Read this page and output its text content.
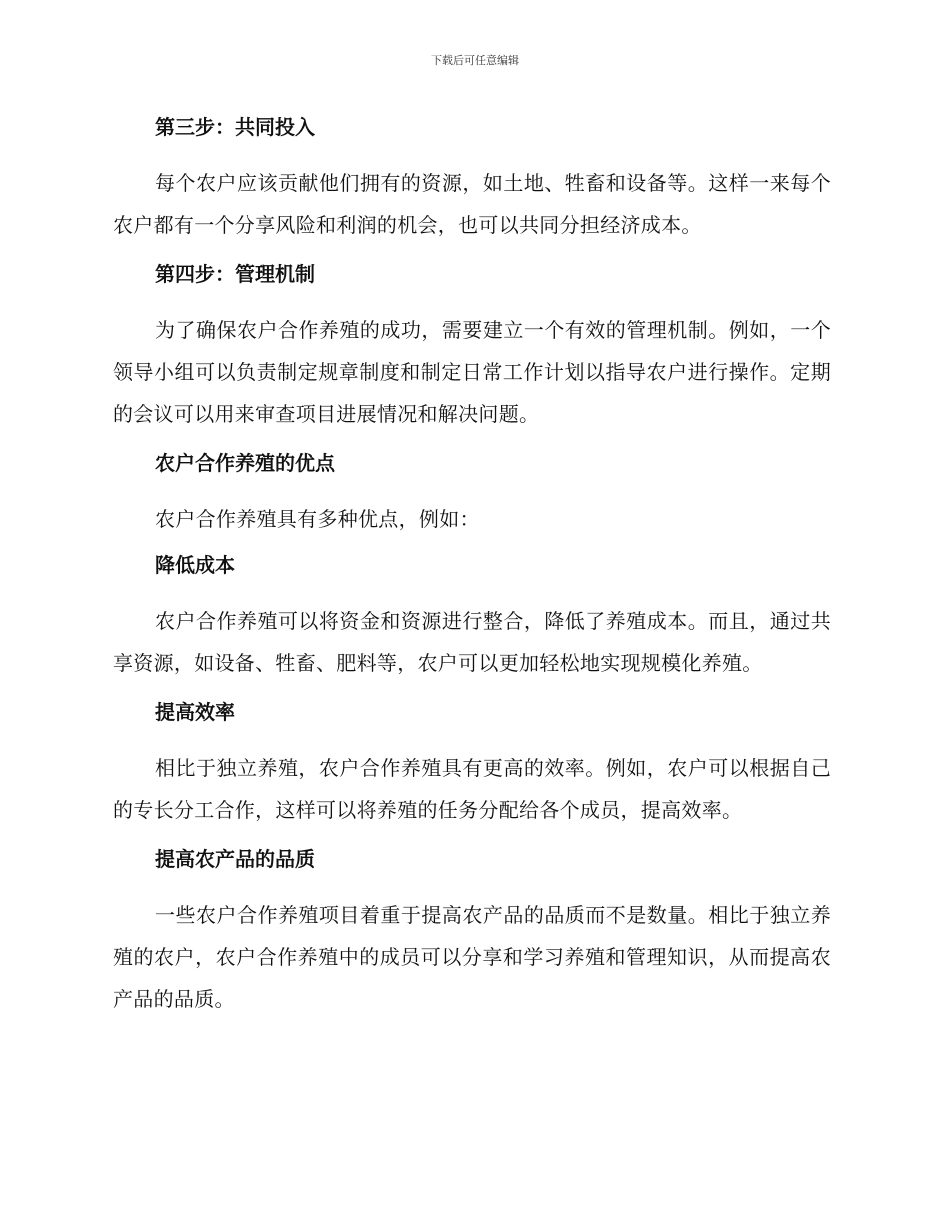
下载后可任意编辑
第三步：共同投入

每个农户应该贡献他们拥有的资源，如土地、牲畜和设备等。这样一来每个农户都有一个分享风险和利润的机会，也可以共同分担经济成本。

第四步：管理机制

为了确保农户合作养殖的成功，需要建立一个有效的管理机制。例如，一个领导小组可以负责制定规章制度和制定日常工作计划以指导农户进行操作。定期的会议可以用来审查项目进展情况和解决问题。

农户合作养殖的优点

农户合作养殖具有多种优点，例如：

降低成本

农户合作养殖可以将资金和资源进行整合，降低了养殖成本。而且，通过共享资源，如设备、牲畜、肥料等，农户可以更加轻松地实现规模化养殖。

提高效率

相比于独立养殖，农户合作养殖具有更高的效率。例如，农户可以根据自己的专长分工合作，这样可以将养殖的任务分配给各个成员，提高效率。

提高农产品的品质

一些农户合作养殖项目着重于提高农产品的品质而不是数量。相比于独立养殖的农户，农户合作养殖中的成员可以分享和学习养殖和管理知识，从而提高农产品的品质。
